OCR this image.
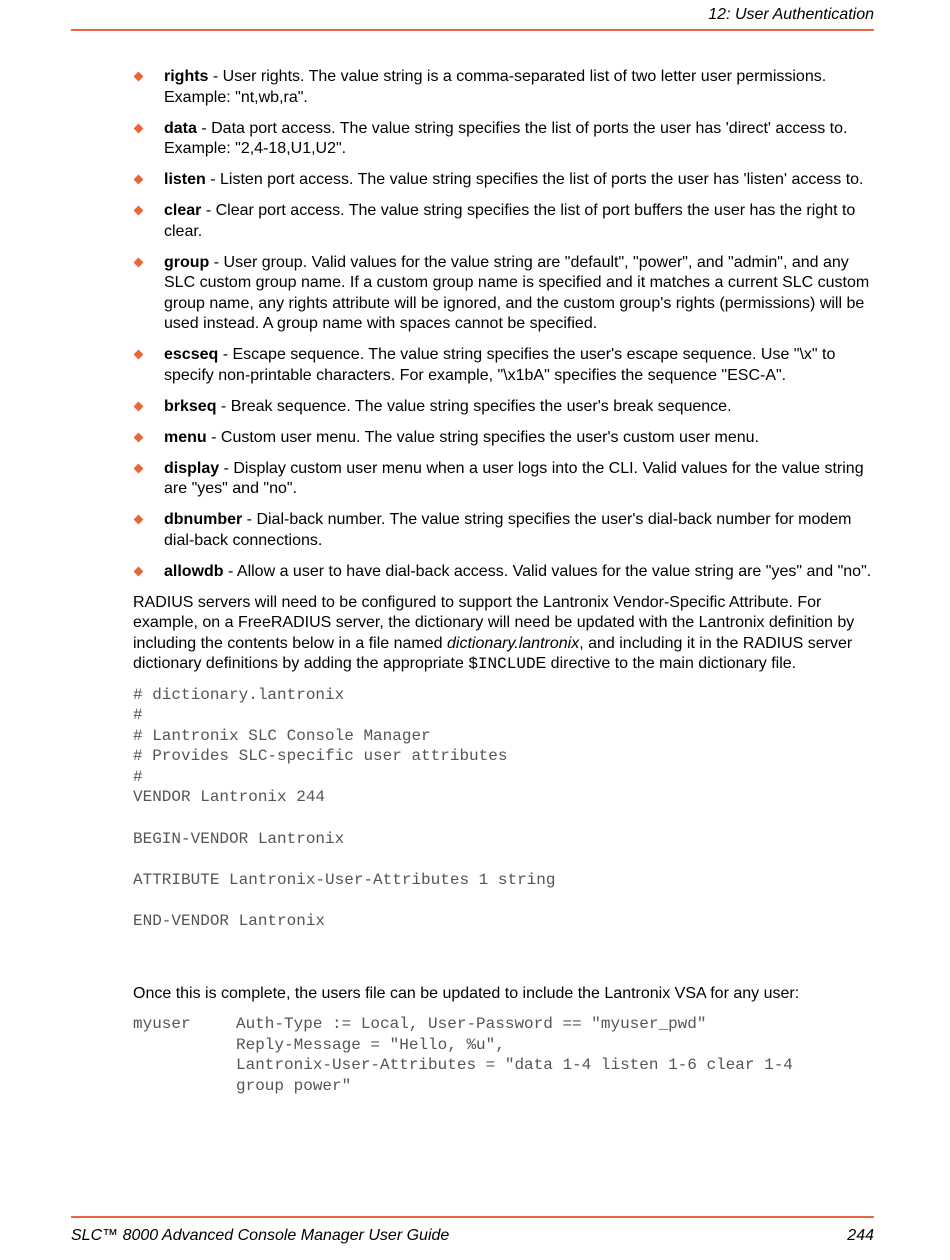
12: User Authentication
rights - User rights. The value string is a comma-separated list of two letter user permissions. Example: "nt,wb,ra".
data - Data port access. The value string specifies the list of ports the user has 'direct' access to. Example: "2,4-18,U1,U2".
listen - Listen port access. The value string specifies the list of ports the user has 'listen' access to.
clear - Clear port access. The value string specifies the list of port buffers the user has the right to clear.
group - User group. Valid values for the value string are "default", "power", and "admin", and any SLC custom group name. If a custom group name is specified and it matches a current SLC custom group name, any rights attribute will be ignored, and the custom group's rights (permissions) will be used instead. A group name with spaces cannot be specified.
escseq - Escape sequence. The value string specifies the user's escape sequence. Use "\x" to specify non-printable characters. For example, "\x1bA" specifies the sequence "ESC-A".
brkseq - Break sequence. The value string specifies the user's break sequence.
menu - Custom user menu. The value string specifies the user's custom user menu.
display - Display custom user menu when a user logs into the CLI. Valid values for the value string are "yes" and "no".
dbnumber - Dial-back number. The value string specifies the user's dial-back number for modem dial-back connections.
allowdb - Allow a user to have dial-back access. Valid values for the value string are "yes" and "no".

RADIUS servers will need to be configured to support the Lantronix Vendor-Specific Attribute. For example, on a FreeRADIUS server, the dictionary will need be updated with the Lantronix definition by including the contents below in a file named dictionary.lantronix, and including it in the RADIUS server dictionary definitions by adding the appropriate $INCLUDE directive to the main dictionary file.

# dictionary.lantronix
#
# Lantronix SLC Console Manager
# Provides SLC-specific user attributes
#
VENDOR Lantronix 244
BEGIN-VENDOR Lantronix
ATTRIBUTE Lantronix-User-Attributes 1 string
END-VENDOR Lantronix

Once this is complete, the users file can be updated to include the Lantronix VSA for any user:

myuser	Auth-Type := Local, User-Password == "myuser_pwd"
Reply-Message = "Hello, %u",
Lantronix-User-Attributes = "data 1-4 listen 1-6 clear 1-4
group power"
SLC™ 8000 Advanced Console Manager User Guide	244
